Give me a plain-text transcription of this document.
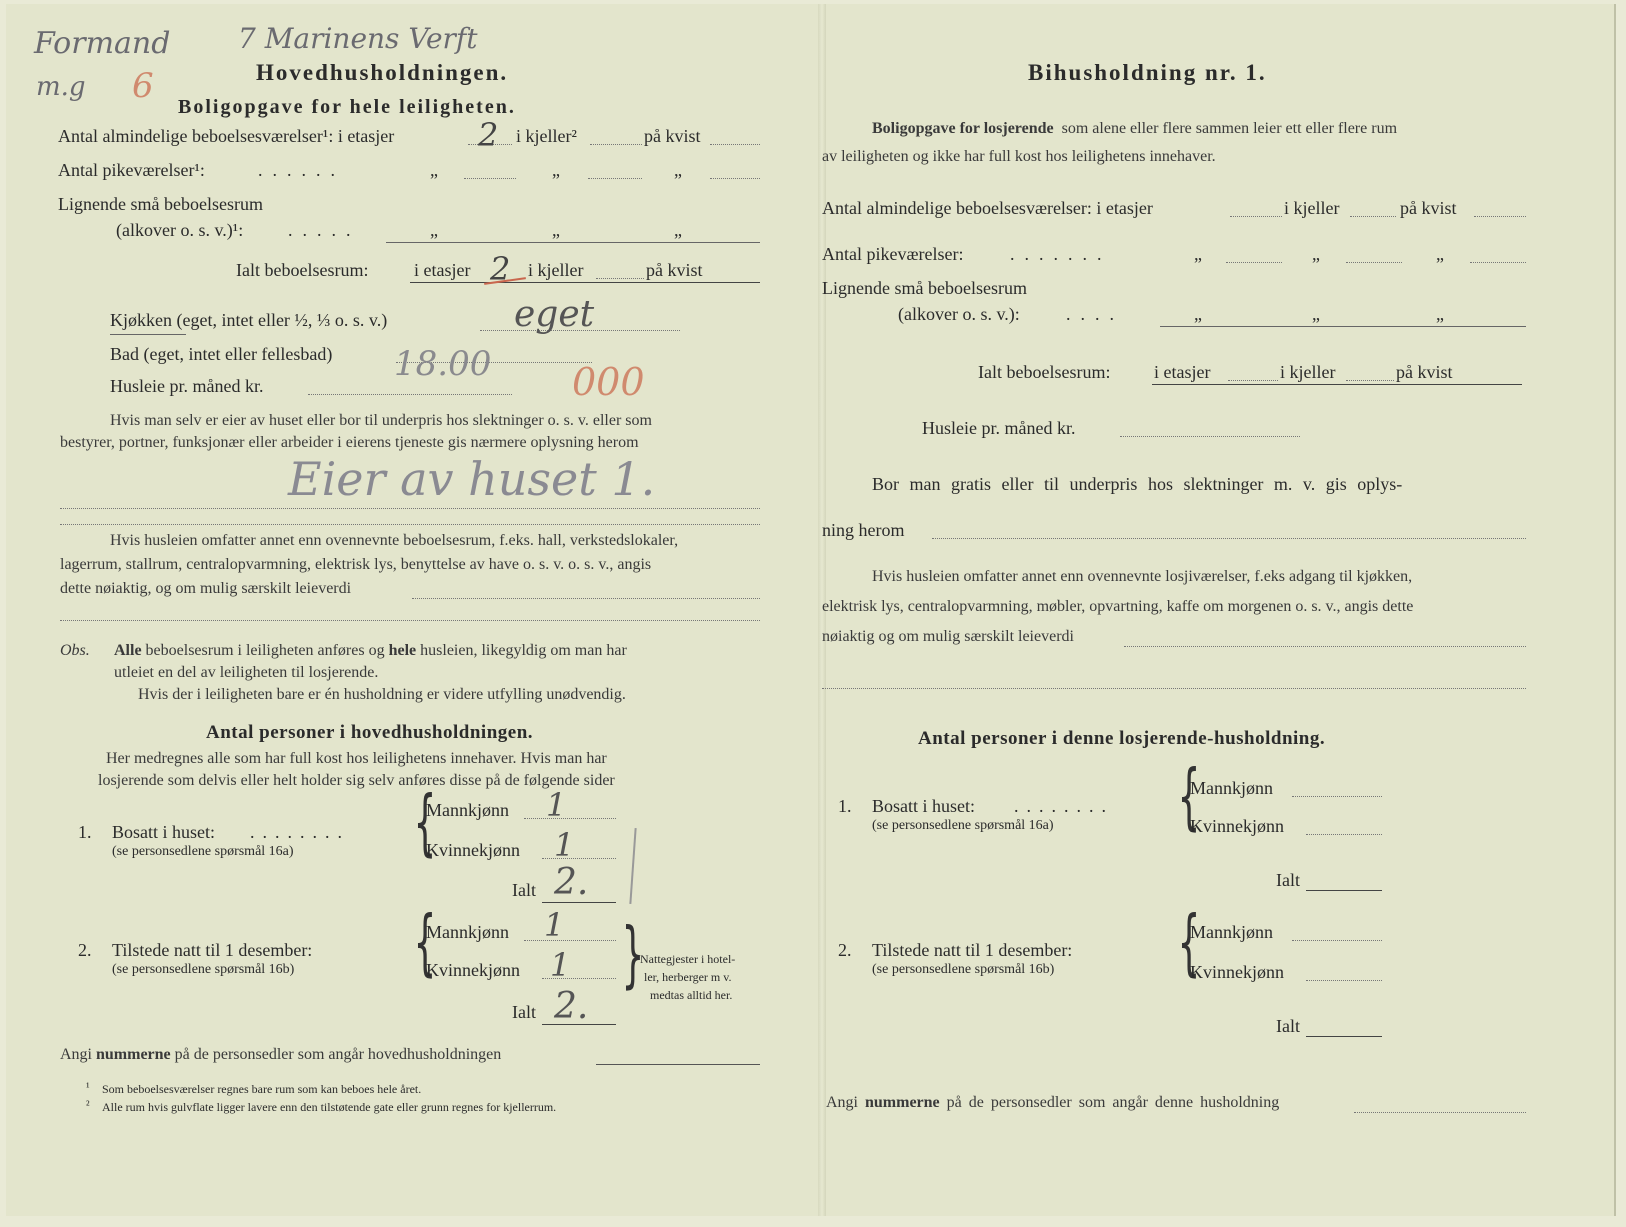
Formand 7 Marinens Verft
m.g 6	Hovedhusholdningen.
Boligopgave for hele leiligheten.
Antal almindelige beboelsesværelser¹: i etasjer	2 i kjeller²	på kvist
Antal pikeværelser¹:	......	„	„	„
Lignende små beboelsesrum
(alkover o. s. v.)¹: .....	„	„	„
Ialt beboelsesrum:	i etasjer 2 i kjeller	på kvist
Kjøkken (eget, intet eller ½, ⅓ o. s. v.)	eget
Bad (eget, intet eller fellesbad) 18.00
Husleie pr. måned kr.	000
Hvis man selv er eier av huset eller bor til underpris hos slektninger o. s. v. eller som
bestyrer, portner, funksjonær eller arbeider i eierens tjeneste gis nærmere oplysning herom
Eier av huset 1.
Hvis husleien omfatter annet enn ovennevnte beboelsesrum, f.eks. hall, verkstedslokaler,
lagerrum, stallrum, centralopvarmning, elektrisk lys, benyttelse av have o. s. v. o. s. v., angis
dette nøiaktig, og om mulig særskilt leieverdi
Obs. Alle beboelsesrum i leiligheten anføres og hele husleien, likegyldig om man har
utleiet en del av leiligheten til losjerende.
Hvis der i leiligheten bare er én husholdning er videre utfylling unødvendig.
Antal personer i hovedhusholdningen.
Her medregnes alle som har full kost hos leilighetens innehaver. Hvis man har
losjerende som delvis eller helt holder sig selv anføres disse på de følgende sider
1. Bosatt i huset: ........
(se personsedlene spørsmål 16a) {
Mannkjønn 1
Kvinnekjønn 1
Ialt 2.
2. Tilstede natt til 1 desember:
(se personsedlene spørsmål 16b) {
Mannkjønn 1
Kvinnekjønn 1
Ialt 2.
}
Nattegjester i hotel-
ler, herberger m v.
medtas alltid her.
Angi nummerne på de personsedler som angår hovedhusholdningen
¹ Som beboelsesværelser regnes bare rum som kan beboes hele året.
² Alle rum hvis gulvflate ligger lavere enn den tilstøtende gate eller grunn regnes for kjellerrum.
Bihusholdning nr. 1.
Boligopgave for losjerende som alene eller flere sammen leier ett eller flere rum
av leiligheten og ikke har full kost hos leilighetens innehaver.
Antal almindelige beboelsesværelser: i etasjer	i kjeller	på kvist
Antal pikeværelser:	.......	„	„	„
Lignende små beboelsesrum
(alkover o. s. v.):	....	„	„	„
Ialt beboelsesrum: i etasjer	i kjeller	på kvist
Husleie pr. måned kr.
Bor man gratis eller til underpris hos slektninger m. v. gis oplys-
ning herom
Hvis husleien omfatter annet enn ovennevnte losjiværelser, f.eks adgang til kjøkken,
elektrisk lys, centralopvarmning, møbler, opvartning, kaffe om morgenen o. s. v., angis dette
nøiaktig og om mulig særskilt leieverdi
Antal personer i denne losjerende-husholdning.
1. Bosatt i huset: ........
(se personsedlene spørsmål 16a) {
Mannkjønn
Kvinnekjønn
Ialt
2. Tilstede natt til 1 desember:
(se personsedlene spørsmål 16b) {
Mannkjønn
Kvinnekjønn
Ialt
Angi nummerne på de personsedler som angår denne husholdning
